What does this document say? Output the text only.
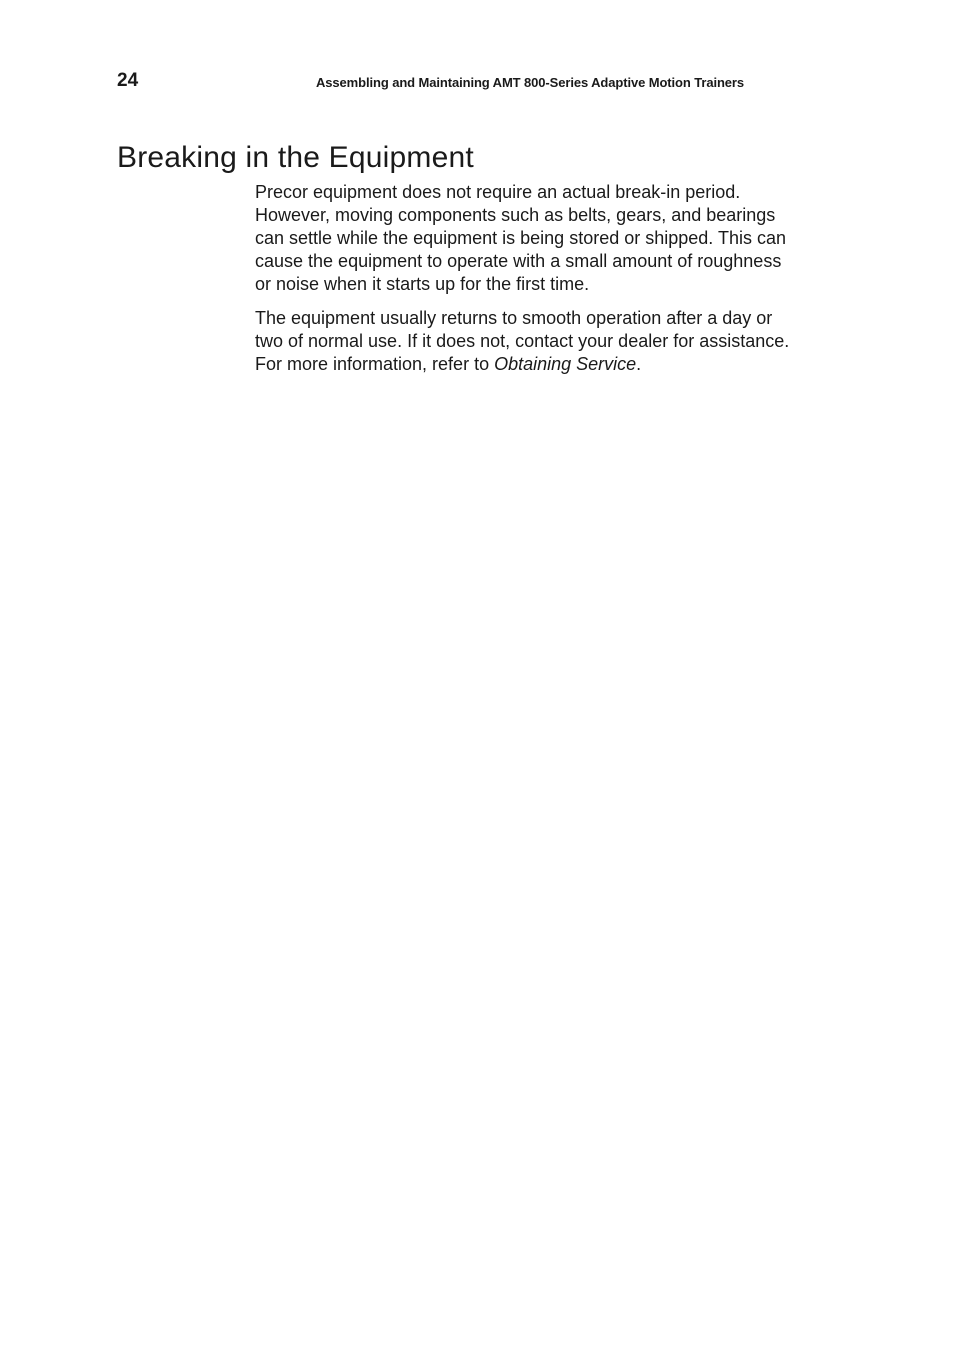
24	Assembling and Maintaining AMT 800-Series Adaptive Motion Trainers
Breaking in the Equipment

Precor equipment does not require an actual break-in period. However, moving components such as belts, gears, and bearings can settle while the equipment is being stored or shipped. This can cause the equipment to operate with a small amount of roughness or noise when it starts up for the first time.

The equipment usually returns to smooth operation after a day or two of normal use. If it does not, contact your dealer for assistance. For more information, refer to Obtaining Service.
